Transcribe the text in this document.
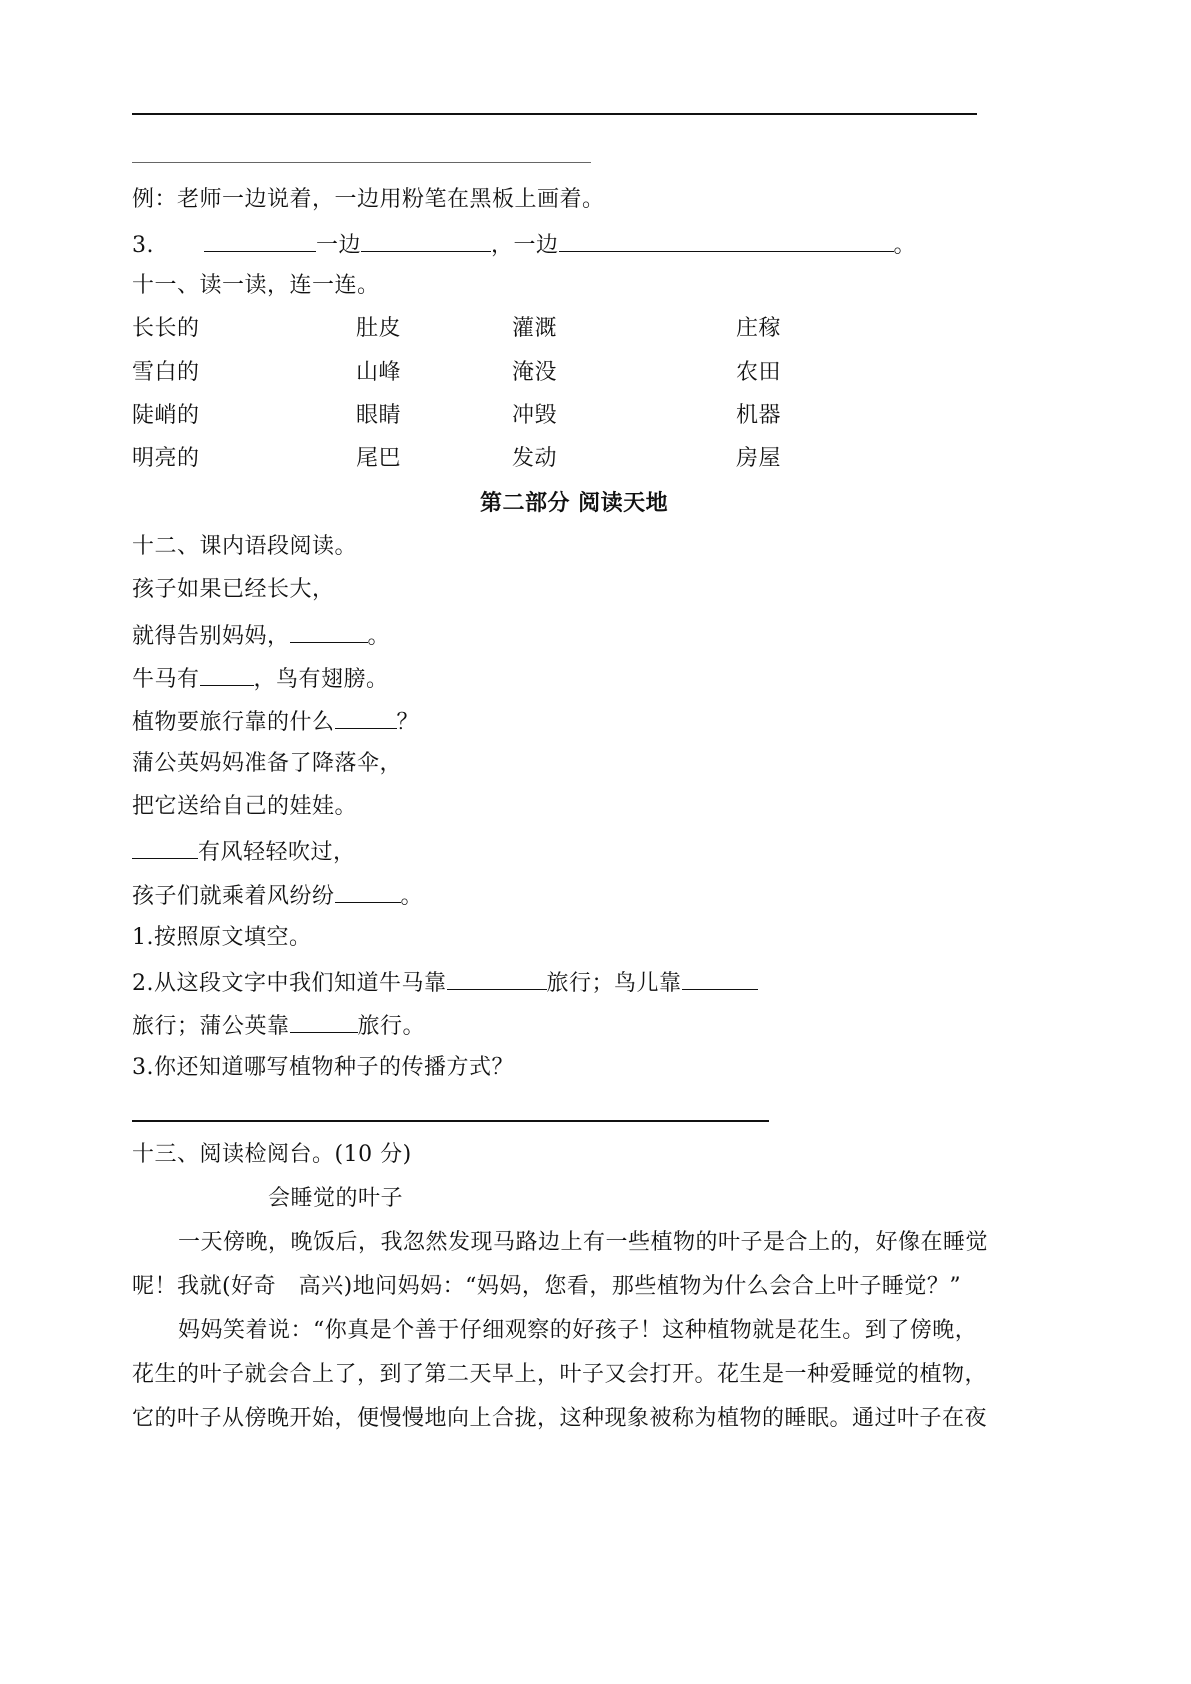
例：老师一边说着，一边用粉笔在黑板上画着。
3.	一边	，一边	。
十一、读一读，连一连。
长长的	肚皮	灌溉	庄稼
雪白的	山峰	淹没	农田
陡峭的	眼睛	冲毁	机器
明亮的	尾巴	发动	房屋
第二部分 阅读天地
十二、课内语段阅读。
孩子如果已经长大，
就得告别妈妈，	。
牛马有 ，鸟有翅膀。
植物要旅行靠的什么	？
蒲公英妈妈准备了降落伞，
把它送给自己的娃娃。
有风轻轻吹过，
孩子们就乘着风纷纷	。
1.按照原文填空。
2.从这段文字中我们知道牛马靠	旅行；鸟儿靠
旅行；蒲公英靠	旅行。
3.你还知道哪写植物种子的传播方式？
十三、阅读检阅台。(10 分)
会睡觉的叶子
一天傍晚，晚饭后，我忽然发现马路边上有一些植物的叶子是合上的，好像在睡觉
呢！我就(好奇　高兴)地问妈妈：“妈妈，您看，那些植物为什么会合上叶子睡觉？”
妈妈笑着说：“你真是个善于仔细观察的好孩子！这种植物就是花生。到了傍晚，
花生的叶子就会合上了，到了第二天早上，叶子又会打开。花生是一种爱睡觉的植物，
它的叶子从傍晚开始，便慢慢地向上合拢，这种现象被称为植物的睡眠。通过叶子在夜
